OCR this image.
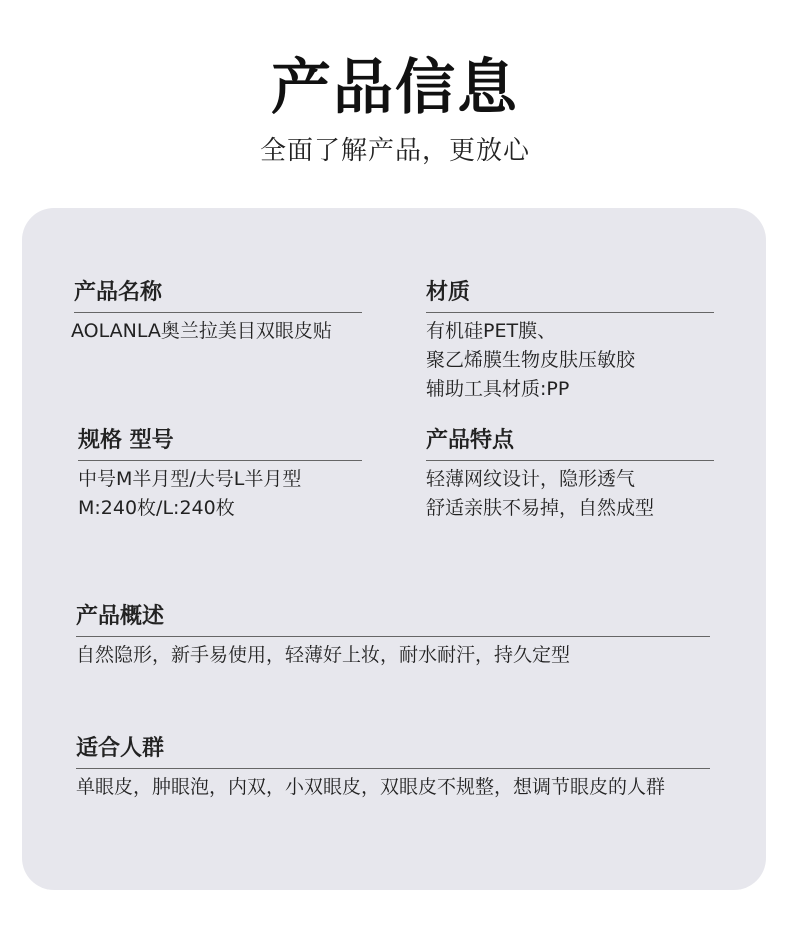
产品信息
全面了解产品，更放心
产品名称
AOLANLA奥兰拉美目双眼皮贴
材质
有机硅PET膜、
聚乙烯膜生物皮肤压敏胶
辅助工具材质:PP
规格 型号
中号M半月型/大号L半月型
M:240枚/L:240枚
产品特点
轻薄网纹设计，隐形透气
舒适亲肤不易掉，自然成型
产品概述
自然隐形，新手易使用，轻薄好上妆，耐水耐汗，持久定型
适合人群
单眼皮，肿眼泡，内双，小双眼皮，双眼皮不规整，想调节眼皮的人群
